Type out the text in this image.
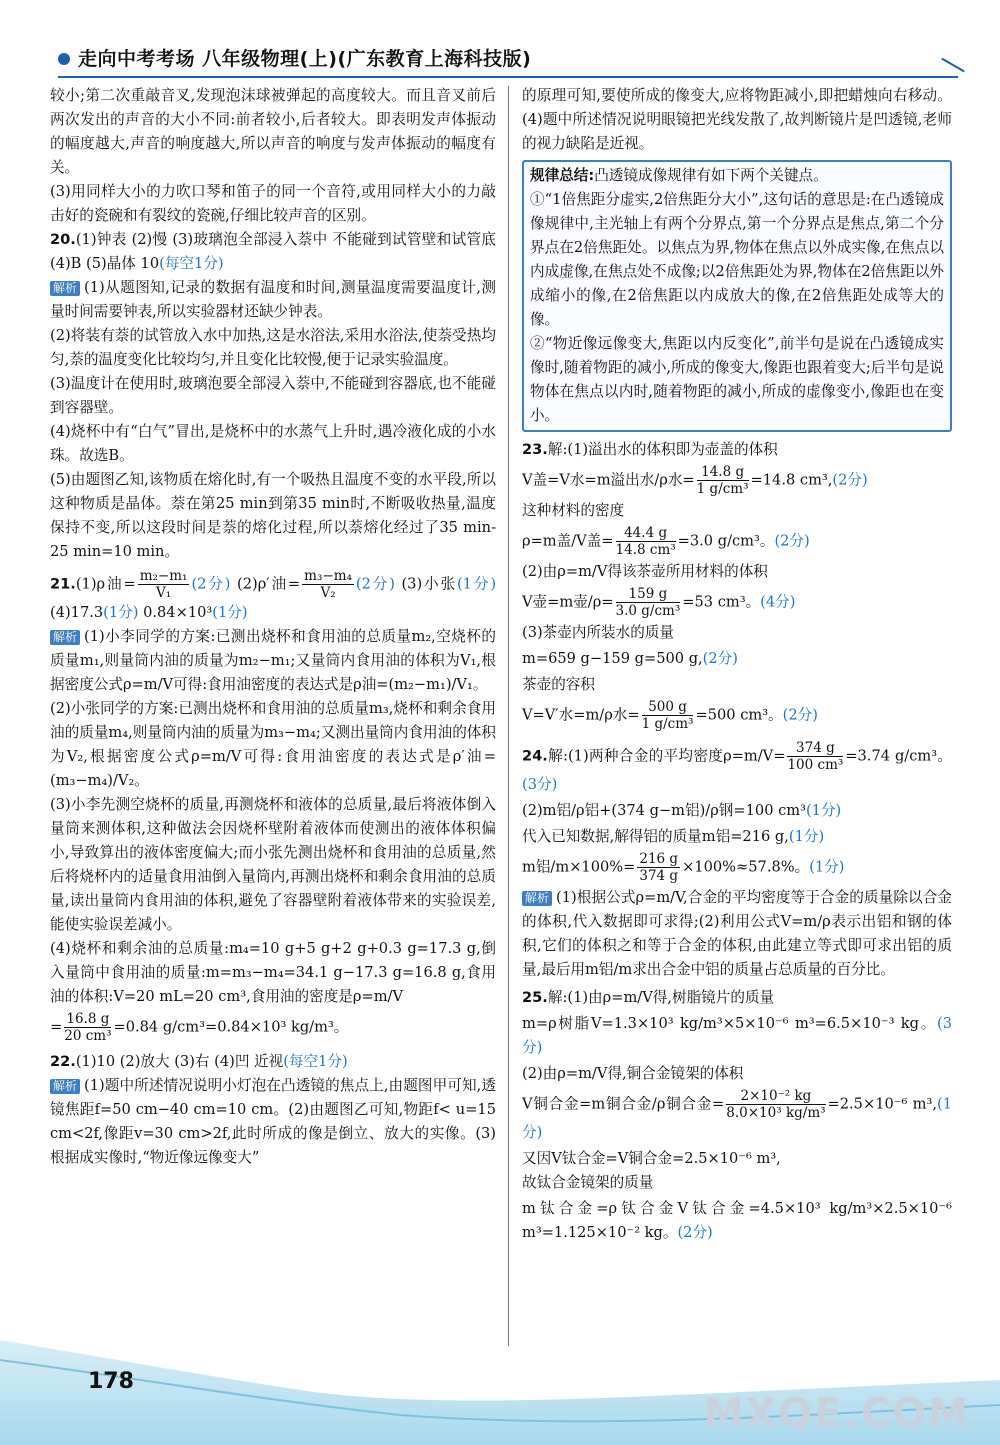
走向中考考场 八年级物理(上)(广东教育上海科技版)

较小;第二次重敲音叉,发现泡沫球被弹起的高度较大。而且音叉前后两次发出的声音的大小不同:前者较小,后者较大。即表明发声体振动的幅度越大,声音的响度越大,所以声音的响度与发声体振动的幅度有关。

(3)用同样大小的力吹口琴和笛子的同一个音符,或用同样大小的力敲击好的瓷碗和有裂纹的瓷碗,仔细比较声音的区别。

20.(1)钟表 (2)慢 (3)玻璃泡全部浸入萘中 不能碰到试管壁和试管底 (4)B (5)晶体 10(每空1分)

解析 (1)从题图知,记录的数据有温度和时间,测量温度需要温度计,测量时间需要钟表,所以实验器材还缺少钟表。

(2)将装有萘的试管放入水中加热,这是水浴法,采用水浴法,使萘受热均匀,萘的温度变化比较均匀,并且变化比较慢,便于记录实验温度。

(3)温度计在使用时,玻璃泡要全部浸入萘中,不能碰到容器底,也不能碰到容器壁。

(4)烧杯中有“白气”冒出,是烧杯中的水蒸气上升时,遇冷液化成的小水珠。故选B。

(5)由题图乙知,该物质在熔化时,有一个吸热且温度不变的水平段,所以这种物质是晶体。萘在第25 min到第35 min时,不断吸收热量,温度保持不变,所以这段时间是萘的熔化过程,所以萘熔化经过了35 min-25 min=10 min。

21.(1)ρ油= $\frac{\text{m₂−m₁}}{\text{V₁}} (2$分) (2)ρ′油= $\frac{\text{m₃−m₄}}{\text{V₂}} (2$分) (3)小张(1分) (4)17.3(1分) 0.84×10³(1分)

解析 (1)小李同学的方案:已测出烧杯和食用油的总质量m₂,空烧杯的质量m₁,则量筒内油的质量为m₂−m₁;又量筒内食用油的体积为V₁,根据密度公式ρ=m/V可得:食用油密度的表达式是ρ油=(m₂−m₁)/V₁。

(2)小张同学的方案:已测出烧杯和食用油的总质量m₃,烧杯和剩余食用油的质量m₄,则量筒内油的质量为m₃−m₄;又测出量筒内食用油的体积为V₂,根据密度公式ρ=m/V可得:食用油密度的表达式是ρ′油=(m₃−m₄)/V₂。

(3)小李先测空烧杯的质量,再测烧杯和液体的总质量,最后将液体倒入量筒来测体积,这种做法会因烧杯壁附着液体而使测出的液体体积偏小,导致算出的液体密度偏大;而小张先测出烧杯和食用油的总质量,然后将烧杯内的适量食用油倒入量筒内,再测出烧杯和剩余食用油的总质量,读出量筒内食用油的体积,避免了容器壁附着液体带来的实验误差,能使实验误差减小。

(4)烧杯和剩余油的总质量:m₄=10 g+5 g+2 g+0.3 g=17.3 g,倒入量筒中食用油的质量:m=m₃−m₄=34.1 g−17.3 g=16.8 g,食用油的体积:V=20 mL=20 cm³,食用油的密度是ρ=m/V

= $\frac{16.8 g}{\text{20 cm³}} =0.84$ g/cm³=0.84×10³ kg/m³。

22.(1)10 (2)放大 (3)右 (4)凹 近视(每空1分)

解析 (1)题中所述情况说明小灯泡在凸透镜的焦点上,由题图甲可知,透镜焦距f=50 cm−40 cm=10 cm。(2)由题图乙可知,物距f< u=15 cm<2f,像距v=30 cm>2f,此时所成的像是倒立、放大的实像。(3)根据成实像时,“物近像远像变大”

的原理可知,要使所成的像变大,应将物距减小,即把蜡烛向右移动。(4)题中所述情况说明眼镜把光线发散了,故判断镜片是凹透镜,老师的视力缺陷是近视。

规律总结:凸透镜成像规律有如下两个关键点。

①“1倍焦距分虚实,2倍焦距分大小”,这句话的意思是:在凸透镜成像规律中,主光轴上有两个分界点,第一个分界点是焦点,第二个分界点在2倍焦距处。以焦点为界,物体在焦点以外成实像,在焦点以内成虚像,在焦点处不成像;以2倍焦距处为界,物体在2倍焦距以外成缩小的像,在2倍焦距以内成放大的像,在2倍焦距处成等大的像。

②“物近像远像变大,焦距以内反变化”,前半句是说在凸透镜成实像时,随着物距的减小,所成的像变大,像距也跟着变大;后半句是说物体在焦点以内时,随着物距的减小,所成的虚像变小,像距也在变小。

23.解:(1)溢出水的体积即为壶盖的体积

V盖=V水=m溢出水/ρ水= $\frac{14.8 g}{\text{1 g/cm³}} =14.8$ cm³,(2分)

这种材料的密度

ρ=m盖/V盖= $\frac{44.4 g}{\text{14.8 cm³}} =3.0$ g/cm³。(2分)

(2)由ρ=m/V得该茶壶所用材料的体积

V壶=m壶$/\rho= \frac{159 g}{\text{3.0 g/cm³}} =53$ cm³。(4分)

(3)茶壶内所装水的质量

m=659 g−159 g=500 g,(2分)

茶壶的容积

V=V′水=m/ρ水= $\frac{500 g}{\text{1 g/cm³}} =500$ cm³。(2分)

24.解:(1)两种合金的平均密度$\rho=m/V= \frac{374 g}{\text{100 cm³}} =3.74$ g/cm³。(3分)

(2)m铝/ρ铝+(374 g−m铝)/ρ钢=100 cm³(1分)

代入已知数据,解得铝的质量m铝=216 g,(1分)

m铝$/m\times 100\%= \frac{216 g}{374 g} \times 100\%\approx 57.8\%$。(1分)

解析 (1)根据公式ρ=m/V,合金的平均密度等于合金的质量除以合金的体积,代入数据即可求得;(2)利用公式V=m/ρ表示出铝和钢的体积,它们的体积之和等于合金的体积,由此建立等式即可求出铝的质量,最后用m铝/m求出合金中铝的质量占总质量的百分比。

25.解:(1)由ρ=m/V得,树脂镜片的质量

m=ρ树脂V=1.3×10³ kg/m³×5×10⁻⁶ m³=6.5×10⁻³ kg。(3分)

(2)由ρ=m/V得,铜合金镜架的体积

V铜合金=m铜合金/ρ铜合金= $\frac{\text{2×10⁻² kg}}{\text{8.0×10³ kg/m³}} =2.5\times 10^{-6}$ m³,(1分)

又因V钛合金=V铜合金=2.5×10⁻⁶ m³,

故钛合金镜架的质量

m钛合金=ρ钛合金V钛合金=4.5×10³ kg/m³×2.5×10⁻⁶ m³=1.125×10⁻² kg。(2分)

178
MXQE.COM
